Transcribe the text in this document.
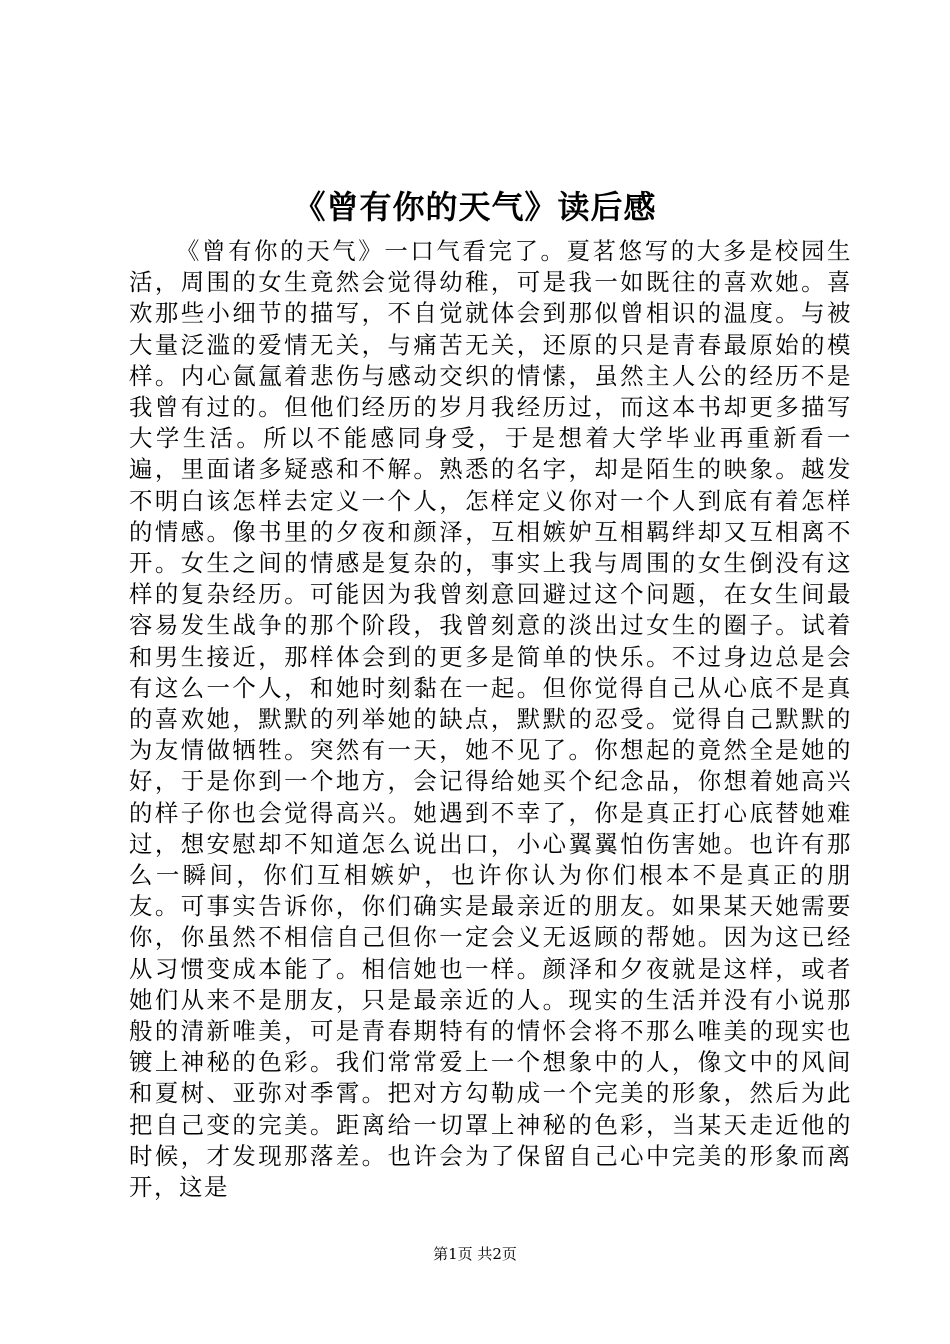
《曾有你的天气》读后感

《曾有你的天气》一口气看完了。夏茗悠写的大多是校园生活，周围的女生竟然会觉得幼稚，可是我一如既往的喜欢她。喜欢那些小细节的描写，不自觉就体会到那似曾相识的温度。与被大量泛滥的爱情无关，与痛苦无关，还原的只是青春最原始的模样。内心氤氲着悲伤与感动交织的情愫，虽然主人公的经历不是我曾有过的。但他们经历的岁月我经历过，而这本书却更多描写大学生活。所以不能感同身受，于是想着大学毕业再重新看一遍，里面诸多疑惑和不解。熟悉的名字，却是陌生的映象。越发不明白该怎样去定义一个人，怎样定义你对一个人到底有着怎样的情感。像书里的夕夜和颜泽，互相嫉妒互相羁绊却又互相离不开。女生之间的情感是复杂的，事实上我与周围的女生倒没有这样的复杂经历。可能因为我曾刻意回避过这个问题，在女生间最容易发生战争的那个阶段，我曾刻意的淡出过女生的圈子。试着和男生接近，那样体会到的更多是简单的快乐。不过身边总是会有这么一个人，和她时刻黏在一起。但你觉得自己从心底不是真的喜欢她，默默的列举她的缺点，默默的忍受。觉得自己默默的为友情做牺牲。突然有一天，她不见了。你想起的竟然全是她的好，于是你到一个地方，会记得给她买个纪念品，你想着她高兴的样子你也会觉得高兴。她遇到不幸了，你是真正打心底替她难过，想安慰却不知道怎么说出口，小心翼翼怕伤害她。也许有那么一瞬间，你们互相嫉妒，也许你认为你们根本不是真正的朋友。可事实告诉你，你们确实是最亲近的朋友。如果某天她需要你，你虽然不相信自己但你一定会义无返顾的帮她。因为这已经从习惯变成本能了。相信她也一样。颜泽和夕夜就是这样，或者她们从来不是朋友，只是最亲近的人。现实的生活并没有小说那般的清新唯美，可是青春期特有的情怀会将不那么唯美的现实也镀上神秘的色彩。我们常常爱上一个想象中的人，像文中的风间和夏树、亚弥对季霄。把对方勾勒成一个完美的形象，然后为此把自己变的完美。距离给一切罩上神秘的色彩，当某天走近他的时候，才发现那落差。也许会为了保留自己心中完美的形象而离开，这是

第1页 共2页
